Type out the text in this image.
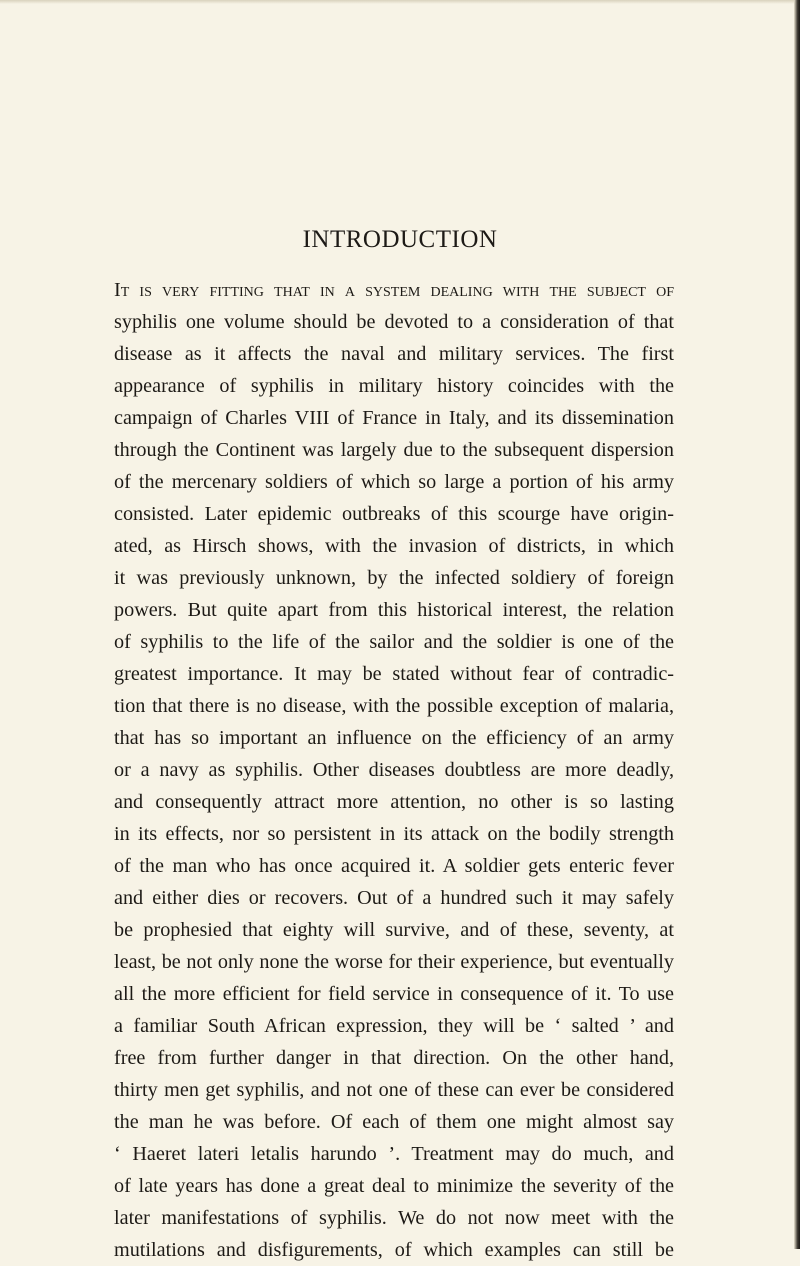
INTRODUCTION
It is very fitting that in a system dealing with the subject of
syphilis one volume should be devoted to a consideration of that
disease as it affects the naval and military services. The first
appearance of syphilis in military history coincides with the
campaign of Charles VIII of France in Italy, and its dissemination
through the Continent was largely due to the subsequent dispersion
of the mercenary soldiers of which so large a portion of his army
consisted. Later epidemic outbreaks of this scourge have origin-
ated, as Hirsch shows, with the invasion of districts, in which
it was previously unknown, by the infected soldiery of foreign
powers. But quite apart from this historical interest, the relation
of syphilis to the life of the sailor and the soldier is one of the
greatest importance. It may be stated without fear of contradic-
tion that there is no disease, with the possible exception of malaria,
that has so important an influence on the efficiency of an army
or a navy as syphilis. Other diseases doubtless are more deadly,
and consequently attract more attention, no other is so lasting
in its effects, nor so persistent in its attack on the bodily strength
of the man who has once acquired it. A soldier gets enteric fever
and either dies or recovers. Out of a hundred such it may safely
be prophesied that eighty will survive, and of these, seventy, at
least, be not only none the worse for their experience, but eventually
all the more efficient for field service in consequence of it. To use
a familiar South African expression, they will be ‘ salted ’ and
free from further danger in that direction. On the other hand,
thirty men get syphilis, and not one of these can ever be considered
the man he was before. Of each of them one might almost say
‘ Haeret lateri letalis harundo ’. Treatment may do much, and
of late years has done a great deal to minimize the severity of the
later manifestations of syphilis. We do not now meet with the
mutilations and disfigurements, of which examples can still be
